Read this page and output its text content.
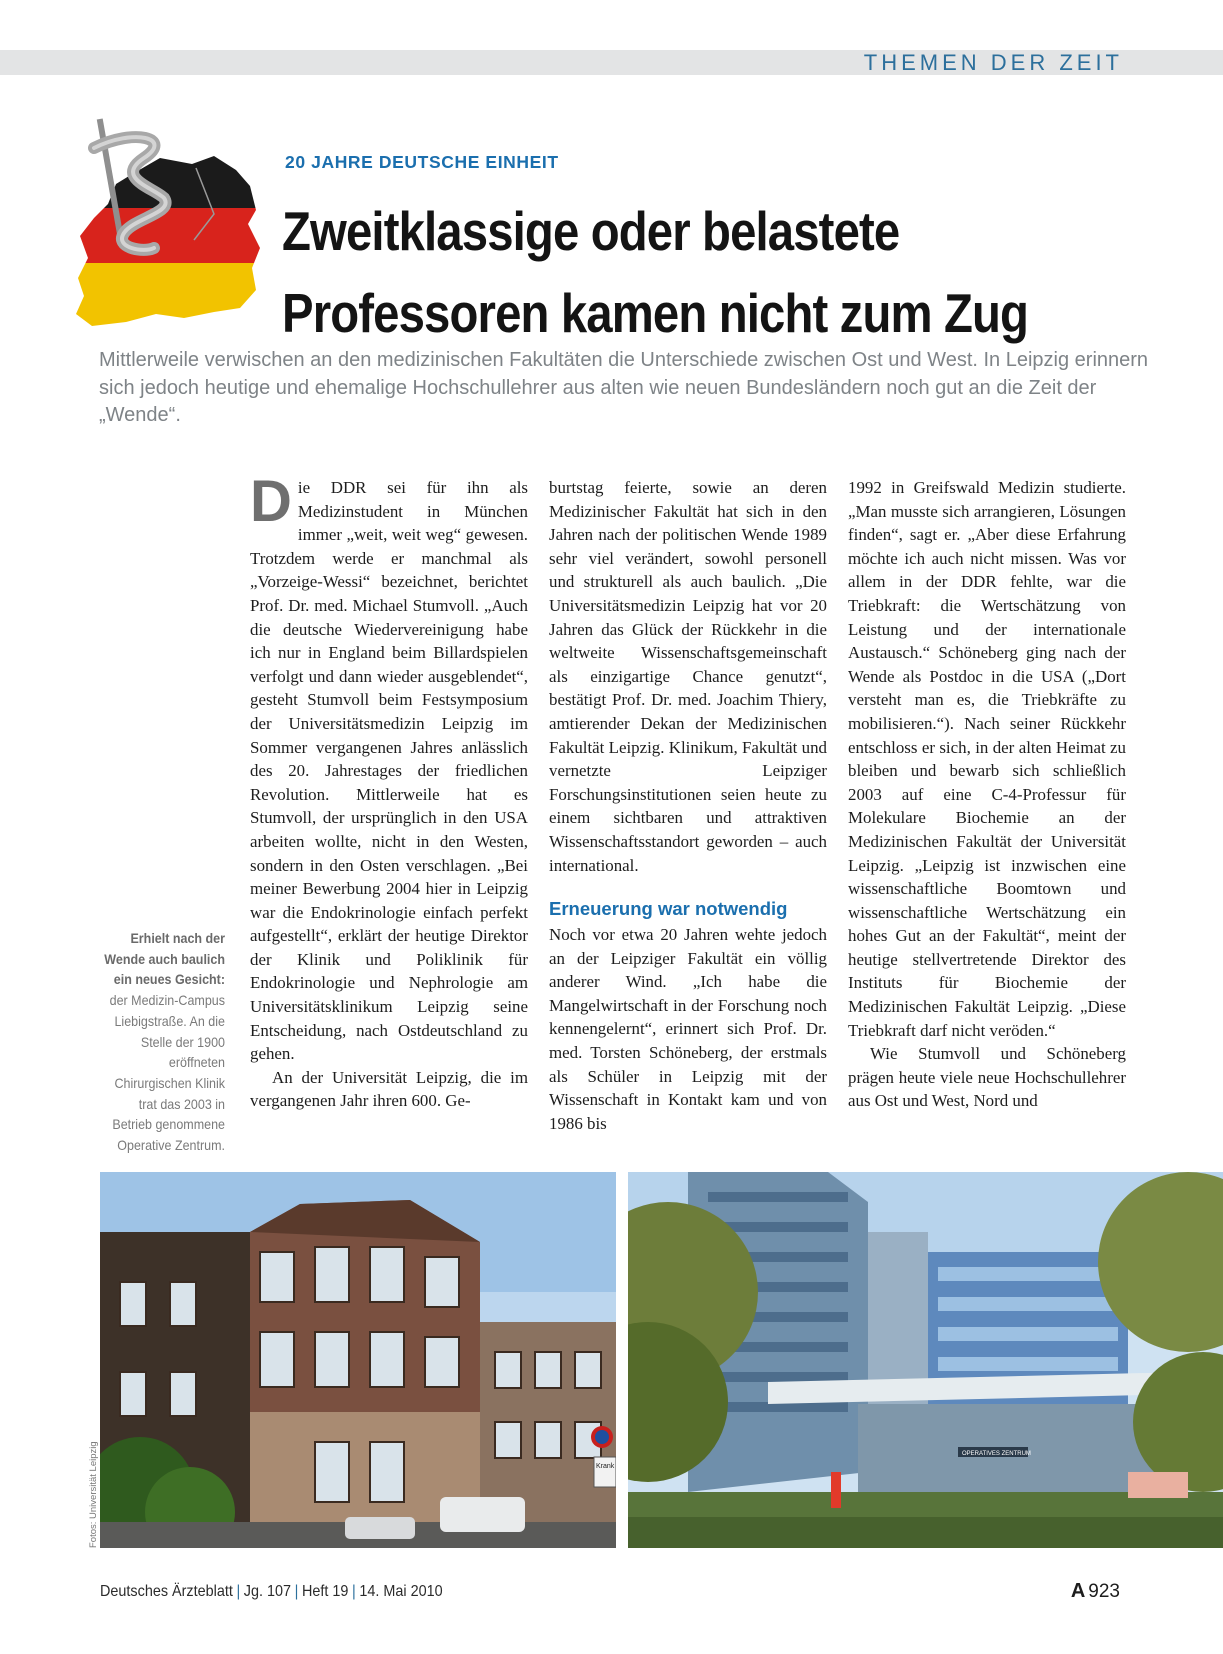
THEMEN DER ZEIT
20 JAHRE DEUTSCHE EINHEIT
Zweitklassige oder belastete
Professoren kamen nicht zum Zug

Mittlerweile verwischen an den medizinischen Fakultäten die Unterschiede zwischen Ost und West. In Leipzig erinnern sich jedoch heutige und ehemalige Hochschullehrer aus alten wie neuen Bundesländern noch gut an die Zeit der „Wende“.

Erhielt nach der Wende auch baulich ein neues Gesicht: der Medizin-Campus Liebigstraße. An die Stelle der 1900 eröffneten Chirurgischen Klinik trat das 2003 in Betrieb genommene Operative Zentrum.

Die DDR sei für ihn als Medizinstudent in München immer „weit, weit weg“ gewesen. Trotzdem werde er manchmal als „Vorzeige-Wessi“ bezeichnet, berichtet Prof. Dr. med. Michael Stumvoll. „Auch die deutsche Wiedervereinigung habe ich nur in England beim Billardspielen verfolgt und dann wieder ausgeblendet“, gesteht Stumvoll beim Festsymposium der Universitätsmedizin Leipzig im Sommer vergangenen Jahres anlässlich des 20. Jahrestages der friedlichen Revolution. Mittlerweile hat es Stumvoll, der ursprünglich in den USA arbeiten wollte, nicht in den Westen, sondern in den Osten verschlagen. „Bei meiner Bewerbung 2004 hier in Leipzig war die Endokrinologie einfach perfekt aufgestellt“, erklärt der heutige Direktor der Klinik und Poliklinik für Endokrinologie und Nephrologie am Universitätsklinikum Leipzig seine Entscheidung, nach Ostdeutschland zu gehen.

An der Universität Leipzig, die im vergangenen Jahr ihren 600. Ge-

burtstag feierte, sowie an deren Medizinischer Fakultät hat sich in den Jahren nach der politischen Wende 1989 sehr viel verändert, sowohl personell und strukturell als auch baulich. „Die Universitätsmedizin Leipzig hat vor 20 Jahren das Glück der Rückkehr in die weltweite Wissenschaftsgemeinschaft als einzigartige Chance genutzt“, bestätigt Prof. Dr. med. Joachim Thiery, amtierender Dekan der Medizinischen Fakultät Leipzig. Klinikum, Fakultät und vernetzte Leipziger Forschungsinstitutionen seien heute zu einem sichtbaren und attraktiven Wissenschaftsstandort geworden – auch international.

Erneuerung war notwendig

Noch vor etwa 20 Jahren wehte jedoch an der Leipziger Fakultät ein völlig anderer Wind. „Ich habe die Mangelwirtschaft in der Forschung noch kennengelernt“, erinnert sich Prof. Dr. med. Torsten Schöneberg, der erstmals als Schüler in Leipzig mit der Wissenschaft in Kontakt kam und von 1986 bis

1992 in Greifswald Medizin studierte. „Man musste sich arrangieren, Lösungen finden“, sagt er. „Aber diese Erfahrung möchte ich auch nicht missen. Was vor allem in der DDR fehlte, war die Triebkraft: die Wertschätzung von Leistung und der internationale Austausch.“ Schöneberg ging nach der Wende als Postdoc in die USA („Dort versteht man es, die Triebkräfte zu mobilisieren.“). Nach seiner Rückkehr entschloss er sich, in der alten Heimat zu bleiben und bewarb sich schließlich 2003 auf eine C-4-Professur für Molekulare Biochemie an der Medizinischen Fakultät der Universität Leipzig. „Leipzig ist inzwischen eine wissenschaftliche Boomtown und wissenschaftliche Wertschätzung ein hohes Gut an der Fakultät“, meint der heutige stellvertretende Direktor des Instituts für Biochemie der Medizinischen Fakultät Leipzig. „Diese Triebkraft darf nicht veröden.“

Wie Stumvoll und Schöneberg prägen heute viele neue Hochschullehrer aus Ost und West, Nord und

Krank
OPERATIVES ZENTRUM
Fotos: Universität Leipzig
Deutsches Ärzteblatt | Jg. 107 | Heft 19 | 14. Mai 2010	A 923
